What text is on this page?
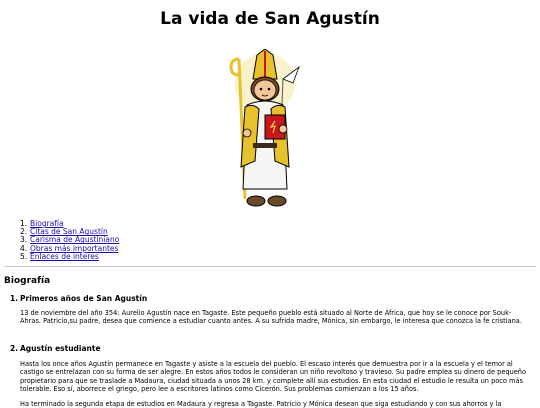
La vida de San Agustín
1. Biografía
2. Citas de San Agustín
3. Carisma de Agustiniano
4. Obras más importantes
5. Enlaces de interes
Biografía
1. Primeros años de San Agustín

13 de noviembre del año 354: Aurelio Agustín nace en Tagaste. Este pequeño pueblo está situado al Norte de África, que hoy se le conoce por Souk-Ahras. Patricio,su padre, desea que comience a estudiar cuanto antes. A su sufrida madre, Mónica, sin embargo, le interesa que conozca la fe cristiana.

2. Agustín estudiante

Hasta los once años Agustín permanece en Tagaste y asiste a la escuela del pueblo. El escaso interés que demuestra por ir a la escuela y el temor al castigo se entrelazan con su forma de ser alegre. En estos años todos le consideran un niño revoltoso y travieso. Su padre emplea su dinero de pequeño propietario para que se traslade a Madaura, ciudad situada a unos 28 km. y complete allí sus estudios. En esta ciudad el estudio le resulta un poco más tolerable. Eso sí, aborrece el griego, pero lee a escritores latinos como Cicerón. Sus problemas comienzan a los 15 años.

Ha terminado la segunda etapa de estudios en Madaura y regresa a Tagaste. Patricio y Mónica desean que siga estudiando y con sus ahorros y la
